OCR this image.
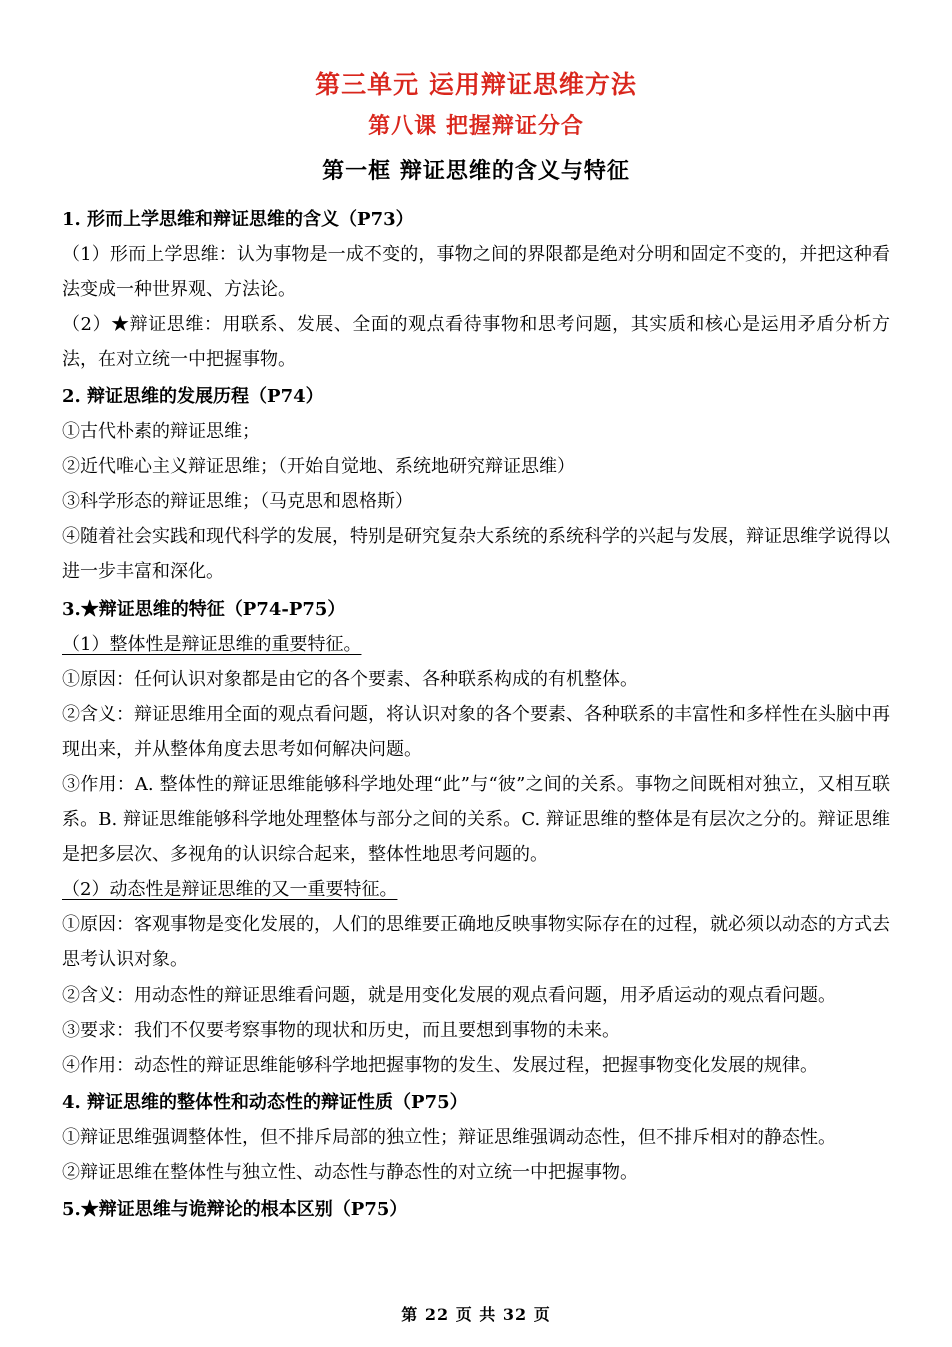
第三单元 运用辩证思维方法
第八课 把握辩证分合
第一框 辩证思维的含义与特征
1. 形而上学思维和辩证思维的含义（P73）
（1）形而上学思维：认为事物是一成不变的，事物之间的界限都是绝对分明和固定不变的，并把这种看法变成一种世界观、方法论。
（2）★辩证思维：用联系、发展、全面的观点看待事物和思考问题，其实质和核心是运用矛盾分析方法，在对立统一中把握事物。
2. 辩证思维的发展历程（P74）
①古代朴素的辩证思维；
②近代唯心主义辩证思维；（开始自觉地、系统地研究辩证思维）
③科学形态的辩证思维；（马克思和恩格斯）
④随着社会实践和现代科学的发展，特别是研究复杂大系统的系统科学的兴起与发展，辩证思维学说得以进一步丰富和深化。
3.★辩证思维的特征（P74-P75）
（1）整体性是辩证思维的重要特征。
①原因：任何认识对象都是由它的各个要素、各种联系构成的有机整体。
②含义：辩证思维用全面的观点看问题，将认识对象的各个要素、各种联系的丰富性和多样性在头脑中再现出来，并从整体角度去思考如何解决问题。
③作用：A. 整体性的辩证思维能够科学地处理“此”与“彼”之间的关系。事物之间既相对独立，又相互联系。B. 辩证思维能够科学地处理整体与部分之间的关系。C. 辩证思维的整体是有层次之分的。辩证思维是把多层次、多视角的认识综合起来，整体性地思考问题的。
（2）动态性是辩证思维的又一重要特征。
①原因：客观事物是变化发展的，人们的思维要正确地反映事物实际存在的过程，就必须以动态的方式去思考认识对象。
②含义：用动态性的辩证思维看问题，就是用变化发展的观点看问题，用矛盾运动的观点看问题。
③要求：我们不仅要考察事物的现状和历史，而且要想到事物的未来。
④作用：动态性的辩证思维能够科学地把握事物的发生、发展过程，把握事物变化发展的规律。
4. 辩证思维的整体性和动态性的辩证性质（P75）
①辩证思维强调整体性，但不排斥局部的独立性；辩证思维强调动态性，但不排斥相对的静态性。
②辩证思维在整体性与独立性、动态性与静态性的对立统一中把握事物。
5.★辩证思维与诡辩论的根本区别（P75）
第 22 页 共 32 页
